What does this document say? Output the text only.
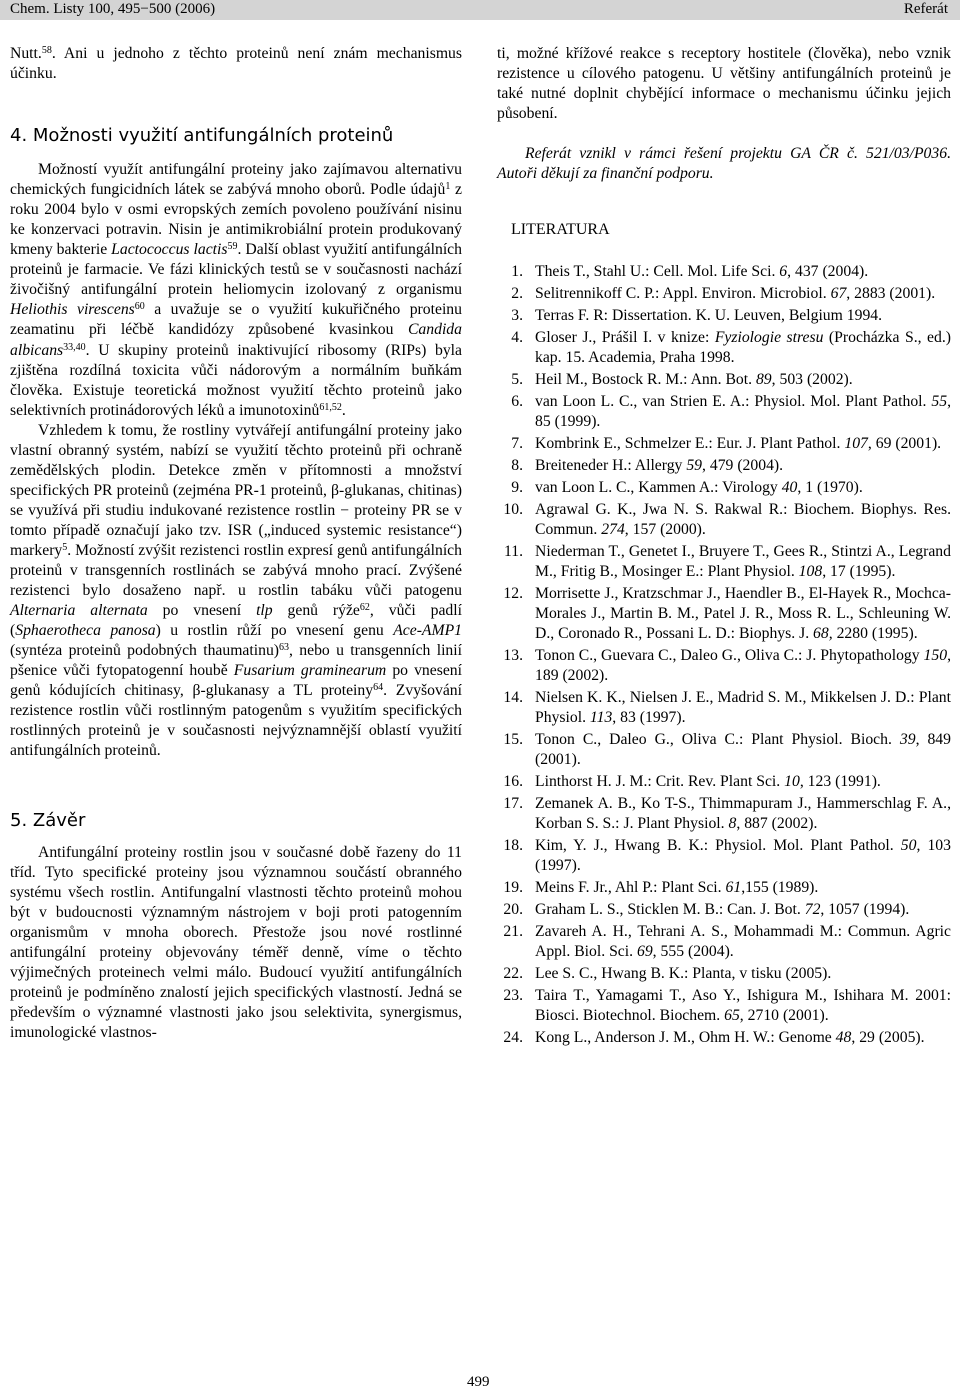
Chem. Listy 100, 495−500 (2006)	Referát

Nutt.$^{58}$. Ani u jednoho z těchto proteinů není znám mechanismus účinku.

4. Možnosti využití antifungálních proteinů

Možností využít antifungální proteiny jako zajímavou alternativu chemických fungicidních látek se zabývá mnoho oborů. Podle údajů$^1$ z roku 2004 bylo v osmi evropských zemích povoleno používání nisinu ke konzervaci potravin. Nisin je antimikrobiální protein produkovaný kmeny bakterie Lactococcus lactis$^{59}$. Další oblast využití antifungálních proteinů je farmacie. Ve fázi klinických testů se v současnosti nachází živočišný antifungální protein heliomycin izolovaný z organismu Heliothis virescens$^{60}$ a uvažuje se o využití kukuřičného proteinu zeamatinu při léčbě kandidózy způsobené kvasinkou Candida albicans$^{33,40}$. U skupiny proteinů inaktivující ribosomy (RIPs) byla zjištěna rozdílná toxicita vůči nádorovým a normálním buňkám člověka. Existuje teoretická možnost využití těchto proteinů jako selektivních protinádorových léků a imunotoxinů$^{61,52}$.

Vzhledem k tomu, že rostliny vytvářejí antifungální proteiny jako vlastní obranný systém, nabízí se využití těchto proteinů při ochraně zemědělských plodin. Detekce změn v přítomnosti a množství specifických PR proteinů (zejména PR-1 proteinů, β-glukanas, chitinas) se využívá při studiu indukované rezistence rostlin − proteiny PR se v tomto případě označují jako tzv. ISR („induced systemic resistance“) markery$^5$. Možností zvýšit rezistenci rostlin expresí genů antifungálních proteinů v transgenních rostlinách se zabývá mnoho prací. Zvýšené rezistenci bylo dosaženo např. u rostlin tabáku vůči patogenu Alternaria alternata po vnesení tlp genů rýže$^{62}$, vůči padlí (Sphaerotheca panosa) u rostlin růží po vnesení genu Ace-AMP1 (syntéza proteinů podobných thaumatinu)$^{63}$, nebo u transgenních linií pšenice vůči fytopatogenní houbě Fusarium graminearum po vnesení genů kódujících chitinasy, β-glukanasy a TL proteiny$^{64}$. Zvyšování rezistence rostlin vůči rostlinným patogenům s využitím specifických rostlinných proteinů je v současnosti nejvýznamnější oblastí využití antifungálních proteinů.

5. Závěr

Antifungální proteiny rostlin jsou v současné době řazeny do 11 tříd. Tyto specifické proteiny jsou významnou součástí obranného systému všech rostlin. Antifungalní vlastnosti těchto proteinů mohou být v budoucnosti významným nástrojem v boji proti patogenním organismům v mnoha oborech. Přestože jsou nové rostlinné antifungální proteiny objevovány téměř denně, víme o těchto výjimečných proteinech velmi málo. Budoucí využití antifungálních proteinů je podmíněno znalostí jejich specifických vlastností. Jedná se především o významné vlastnosti jako jsou selektivita, synergismus, imunologické vlastnos-

ti, možné křížové reakce s receptory hostitele (člověka), nebo vznik rezistence u cílového patogenu. U většiny antifungálních proteinů je také nutné doplnit chybějící informace o mechanismu účinku jejich působení.

Referát vznikl v rámci řešení projektu GA ČR č. 521/03/P036. Autoři děkují za finanční podporu.

LITERATURA
1. Theis T., Stahl U.: Cell. Mol. Life Sci. 6, 437 (2004).
2. Selitrennikoff C. P.: Appl. Environ. Microbiol. 67, 2883 (2001).
3. Terras F. R: Dissertation. K. U. Leuven, Belgium 1994.
4. Gloser J., Prášil I. v knize: Fyziologie stresu (Procházka S., ed.) kap. 15. Academia, Praha 1998.
5. Heil M., Bostock R. M.: Ann. Bot. 89, 503 (2002).
6. van Loon L. C., van Strien E. A.: Physiol. Mol. Plant Pathol. 55, 85 (1999).
7. Kombrink E., Schmelzer E.: Eur. J. Plant Pathol. 107, 69 (2001).
8. Breiteneder H.: Allergy 59, 479 (2004).
9. van Loon L. C., Kammen A.: Virology 40, 1 (1970).
10. Agrawal G. K., Jwa N. S. Rakwal R.: Biochem. Biophys. Res. Commun. 274, 157 (2000).
11. Niederman T., Genetet I., Bruyere T., Gees R., Stintzi A., Legrand M., Fritig B., Mosinger E.: Plant Physiol. 108, 17 (1995).
12. Morrisette J., Kratzschmar J., Haendler B., El-Hayek R., Mochca-Morales J., Martin B. M., Patel J. R., Moss R. L., Schleuning W. D., Coronado R., Possani L. D.: Biophys. J. 68, 2280 (1995).
13. Tonon C., Guevara C., Daleo G., Oliva C.: J. Phytopathology 150, 189 (2002).
14. Nielsen K. K., Nielsen J. E., Madrid S. M., Mikkelsen J. D.: Plant Physiol. 113, 83 (1997).
15. Tonon C., Daleo G., Oliva C.: Plant Physiol. Bioch. 39, 849 (2001).
16. Linthorst H. J. M.: Crit. Rev. Plant Sci. 10, 123 (1991).
17. Zemanek A. B., Ko T-S., Thimmapuram J., Hammerschlag F. A., Korban S. S.: J. Plant Physiol. 8, 887 (2002).
18. Kim, Y. J., Hwang B. K.: Physiol. Mol. Plant Pathol. 50, 103 (1997).
19. Meins F. Jr., Ahl P.: Plant Sci. 61,155 (1989).
20. Graham L. S., Sticklen M. B.: Can. J. Bot. 72, 1057 (1994).
21. Zavareh A. H., Tehrani A. S., Mohammadi M.: Commun. Agric Appl. Biol. Sci. 69, 555 (2004).
22. Lee S. C., Hwang B. K.: Planta, v tisku (2005).
23. Taira T., Yamagami T., Aso Y., Ishigura M., Ishihara M. 2001: Biosci. Biotechnol. Biochem. 65, 2710 (2001).
24. Kong L., Anderson J. M., Ohm H. W.: Genome 48, 29 (2005).
499
